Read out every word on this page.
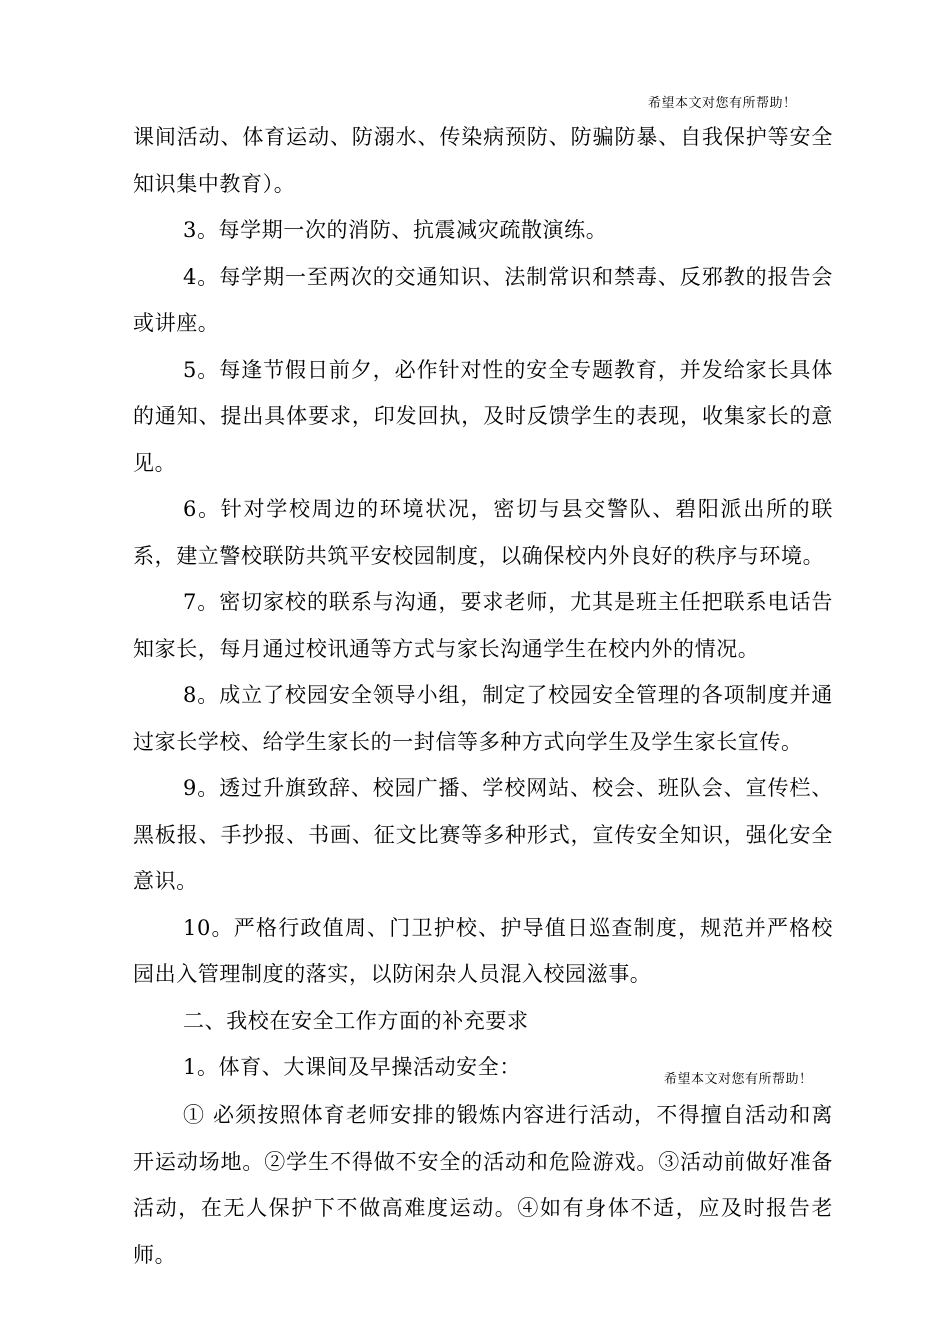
希望本文对您有所帮助！

课间活动、体育运动、防溺水、传染病预防、防骗防暴、自我保护等安全知识集中教育）。

3。每学期一次的消防、抗震减灾疏散演练。

4。每学期一至两次的交通知识、法制常识和禁毒、反邪教的报告会或讲座。

5。每逢节假日前夕，必作针对性的安全专题教育，并发给家长具体的通知、提出具体要求，印发回执，及时反馈学生的表现，收集家长的意见。

6。针对学校周边的环境状况，密切与县交警队、碧阳派出所的联系，建立警校联防共筑平安校园制度，以确保校内外良好的秩序与环境。

7。密切家校的联系与沟通，要求老师，尤其是班主任把联系电话告知家长，每月通过校讯通等方式与家长沟通学生在校内外的情况。

8。成立了校园安全领导小组，制定了校园安全管理的各项制度并通过家长学校、给学生家长的一封信等多种方式向学生及学生家长宣传。

9。透过升旗致辞、校园广播、学校网站、校会、班队会、宣传栏、黑板报、手抄报、书画、征文比赛等多种形式，宣传安全知识，强化安全意识。

10。严格行政值周、门卫护校、护导值日巡查制度，规范并严格校园出入管理制度的落实，以防闲杂人员混入校园滋事。

二、我校在安全工作方面的补充要求

1。体育、大课间及早操活动安全：

希望本文对您有所帮助！

① 必须按照体育老师安排的锻炼内容进行活动，不得擅自活动和离开运动场地。②学生不得做不安全的活动和危险游戏。③活动前做好准备活动，在无人保护下不做高难度运动。④如有身体不适，应及时报告老师。
